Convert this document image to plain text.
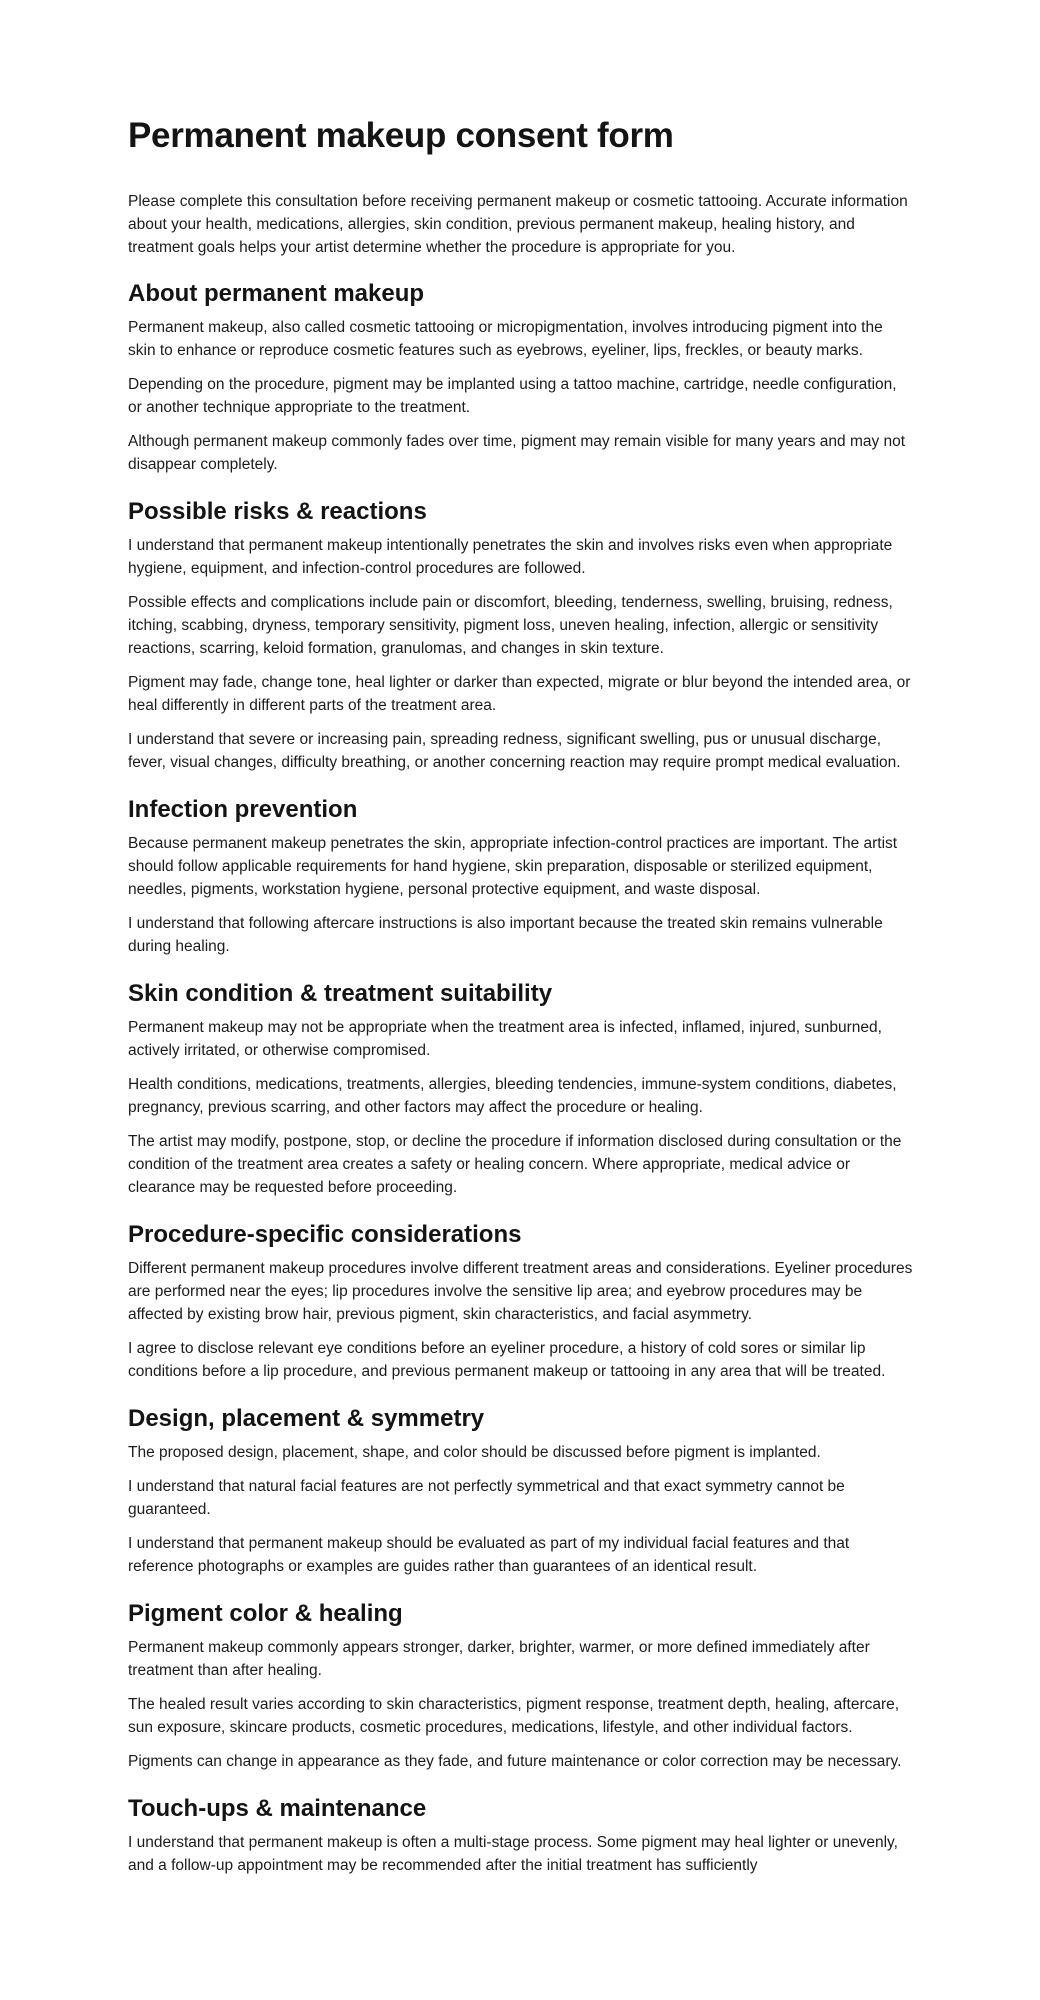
Permanent makeup consent form

Please complete this consultation before receiving permanent makeup or cosmetic tattooing. Accurate information about your health, medications, allergies, skin condition, previous permanent makeup, healing history, and treatment goals helps your artist determine whether the procedure is appropriate for you.

About permanent makeup

Permanent makeup, also called cosmetic tattooing or micropigmentation, involves introducing pigment into the skin to enhance or reproduce cosmetic features such as eyebrows, eyeliner, lips, freckles, or beauty marks.

Depending on the procedure, pigment may be implanted using a tattoo machine, cartridge, needle configuration, or another technique appropriate to the treatment.

Although permanent makeup commonly fades over time, pigment may remain visible for many years and may not disappear completely.

Possible risks & reactions

I understand that permanent makeup intentionally penetrates the skin and involves risks even when appropriate hygiene, equipment, and infection-control procedures are followed.

Possible effects and complications include pain or discomfort, bleeding, tenderness, swelling, bruising, redness, itching, scabbing, dryness, temporary sensitivity, pigment loss, uneven healing, infection, allergic or sensitivity reactions, scarring, keloid formation, granulomas, and changes in skin texture.

Pigment may fade, change tone, heal lighter or darker than expected, migrate or blur beyond the intended area, or heal differently in different parts of the treatment area.

I understand that severe or increasing pain, spreading redness, significant swelling, pus or unusual discharge, fever, visual changes, difficulty breathing, or another concerning reaction may require prompt medical evaluation.

Infection prevention

Because permanent makeup penetrates the skin, appropriate infection-control practices are important. The artist should follow applicable requirements for hand hygiene, skin preparation, disposable or sterilized equipment, needles, pigments, workstation hygiene, personal protective equipment, and waste disposal.

I understand that following aftercare instructions is also important because the treated skin remains vulnerable during healing.

Skin condition & treatment suitability

Permanent makeup may not be appropriate when the treatment area is infected, inflamed, injured, sunburned, actively irritated, or otherwise compromised.

Health conditions, medications, treatments, allergies, bleeding tendencies, immune-system conditions, diabetes, pregnancy, previous scarring, and other factors may affect the procedure or healing.

The artist may modify, postpone, stop, or decline the procedure if information disclosed during consultation or the condition of the treatment area creates a safety or healing concern. Where appropriate, medical advice or clearance may be requested before proceeding.

Procedure-specific considerations

Different permanent makeup procedures involve different treatment areas and considerations. Eyeliner procedures are performed near the eyes; lip procedures involve the sensitive lip area; and eyebrow procedures may be affected by existing brow hair, previous pigment, skin characteristics, and facial asymmetry.

I agree to disclose relevant eye conditions before an eyeliner procedure, a history of cold sores or similar lip conditions before a lip procedure, and previous permanent makeup or tattooing in any area that will be treated.

Design, placement & symmetry

The proposed design, placement, shape, and color should be discussed before pigment is implanted.

I understand that natural facial features are not perfectly symmetrical and that exact symmetry cannot be guaranteed.

I understand that permanent makeup should be evaluated as part of my individual facial features and that reference photographs or examples are guides rather than guarantees of an identical result.

Pigment color & healing

Permanent makeup commonly appears stronger, darker, brighter, warmer, or more defined immediately after treatment than after healing.

The healed result varies according to skin characteristics, pigment response, treatment depth, healing, aftercare, sun exposure, skincare products, cosmetic procedures, medications, lifestyle, and other individual factors.

Pigments can change in appearance as they fade, and future maintenance or color correction may be necessary.

Touch-ups & maintenance

I understand that permanent makeup is often a multi-stage process. Some pigment may heal lighter or unevenly, and a follow-up appointment may be recommended after the initial treatment has sufficiently
